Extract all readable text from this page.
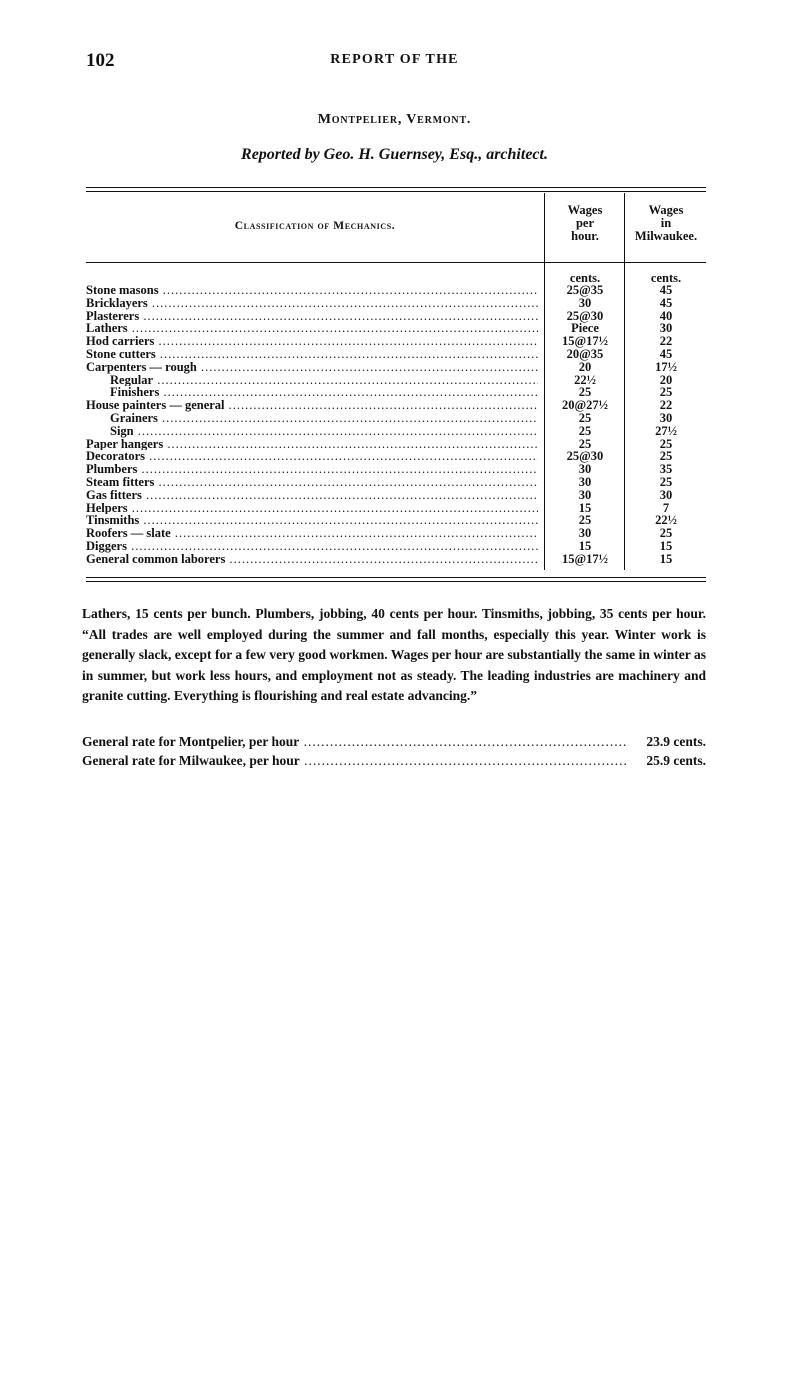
102	REPORT OF THE
Montpelier, Vermont.
Reported by Geo. H. Guernsey, Esq., architect.
Classification of Mechanics.
Wages
per
hour.
Wages
in
Milwaukee.
cents.	cents.
Stone masons .....	25@35	45
Bricklayers .....	30	45
Plasterers .....	25@30	40
Lathers .....	Piece	30
Hod carriers .....	15@17½	22
Stone cutters .....	20@35	45
Carpenters — rough .....	20	17½
Regular .....	22½	20
Finishers .....	25	25
House painters — general .....	20@27½	22
Grainers .....	25	30
Sign .....	25	27½
Paper hangers .....	25	25
Decorators .....	25@30	25
Plumbers .....	30	35
Steam fitters .....	30	25
Gas fitters .....	30	30
Helpers .....	15	7
Tinsmiths .....	25	22½
Roofers — slate .....	30	25
Diggers .....	15	15
General common laborers .....	15@17½	15
Lathers, 15 cents per bunch. Plumbers, jobbing, 40 cents per hour. Tinsmiths, jobbing, 35 cents per hour. “All trades are well employed during the summer and fall months, especially this year. Winter work is generally slack, except for a few very good workmen. Wages per hour are substantially the same in winter as in summer, but work less hours, and employment not as steady. The leading industries are machinery and granite cutting. Everything is flourishing and real estate advancing.”
General rate for Montpelier, per hour .....	23.9 cents.
General rate for Milwaukee, per hour .....	25.9 cents.
